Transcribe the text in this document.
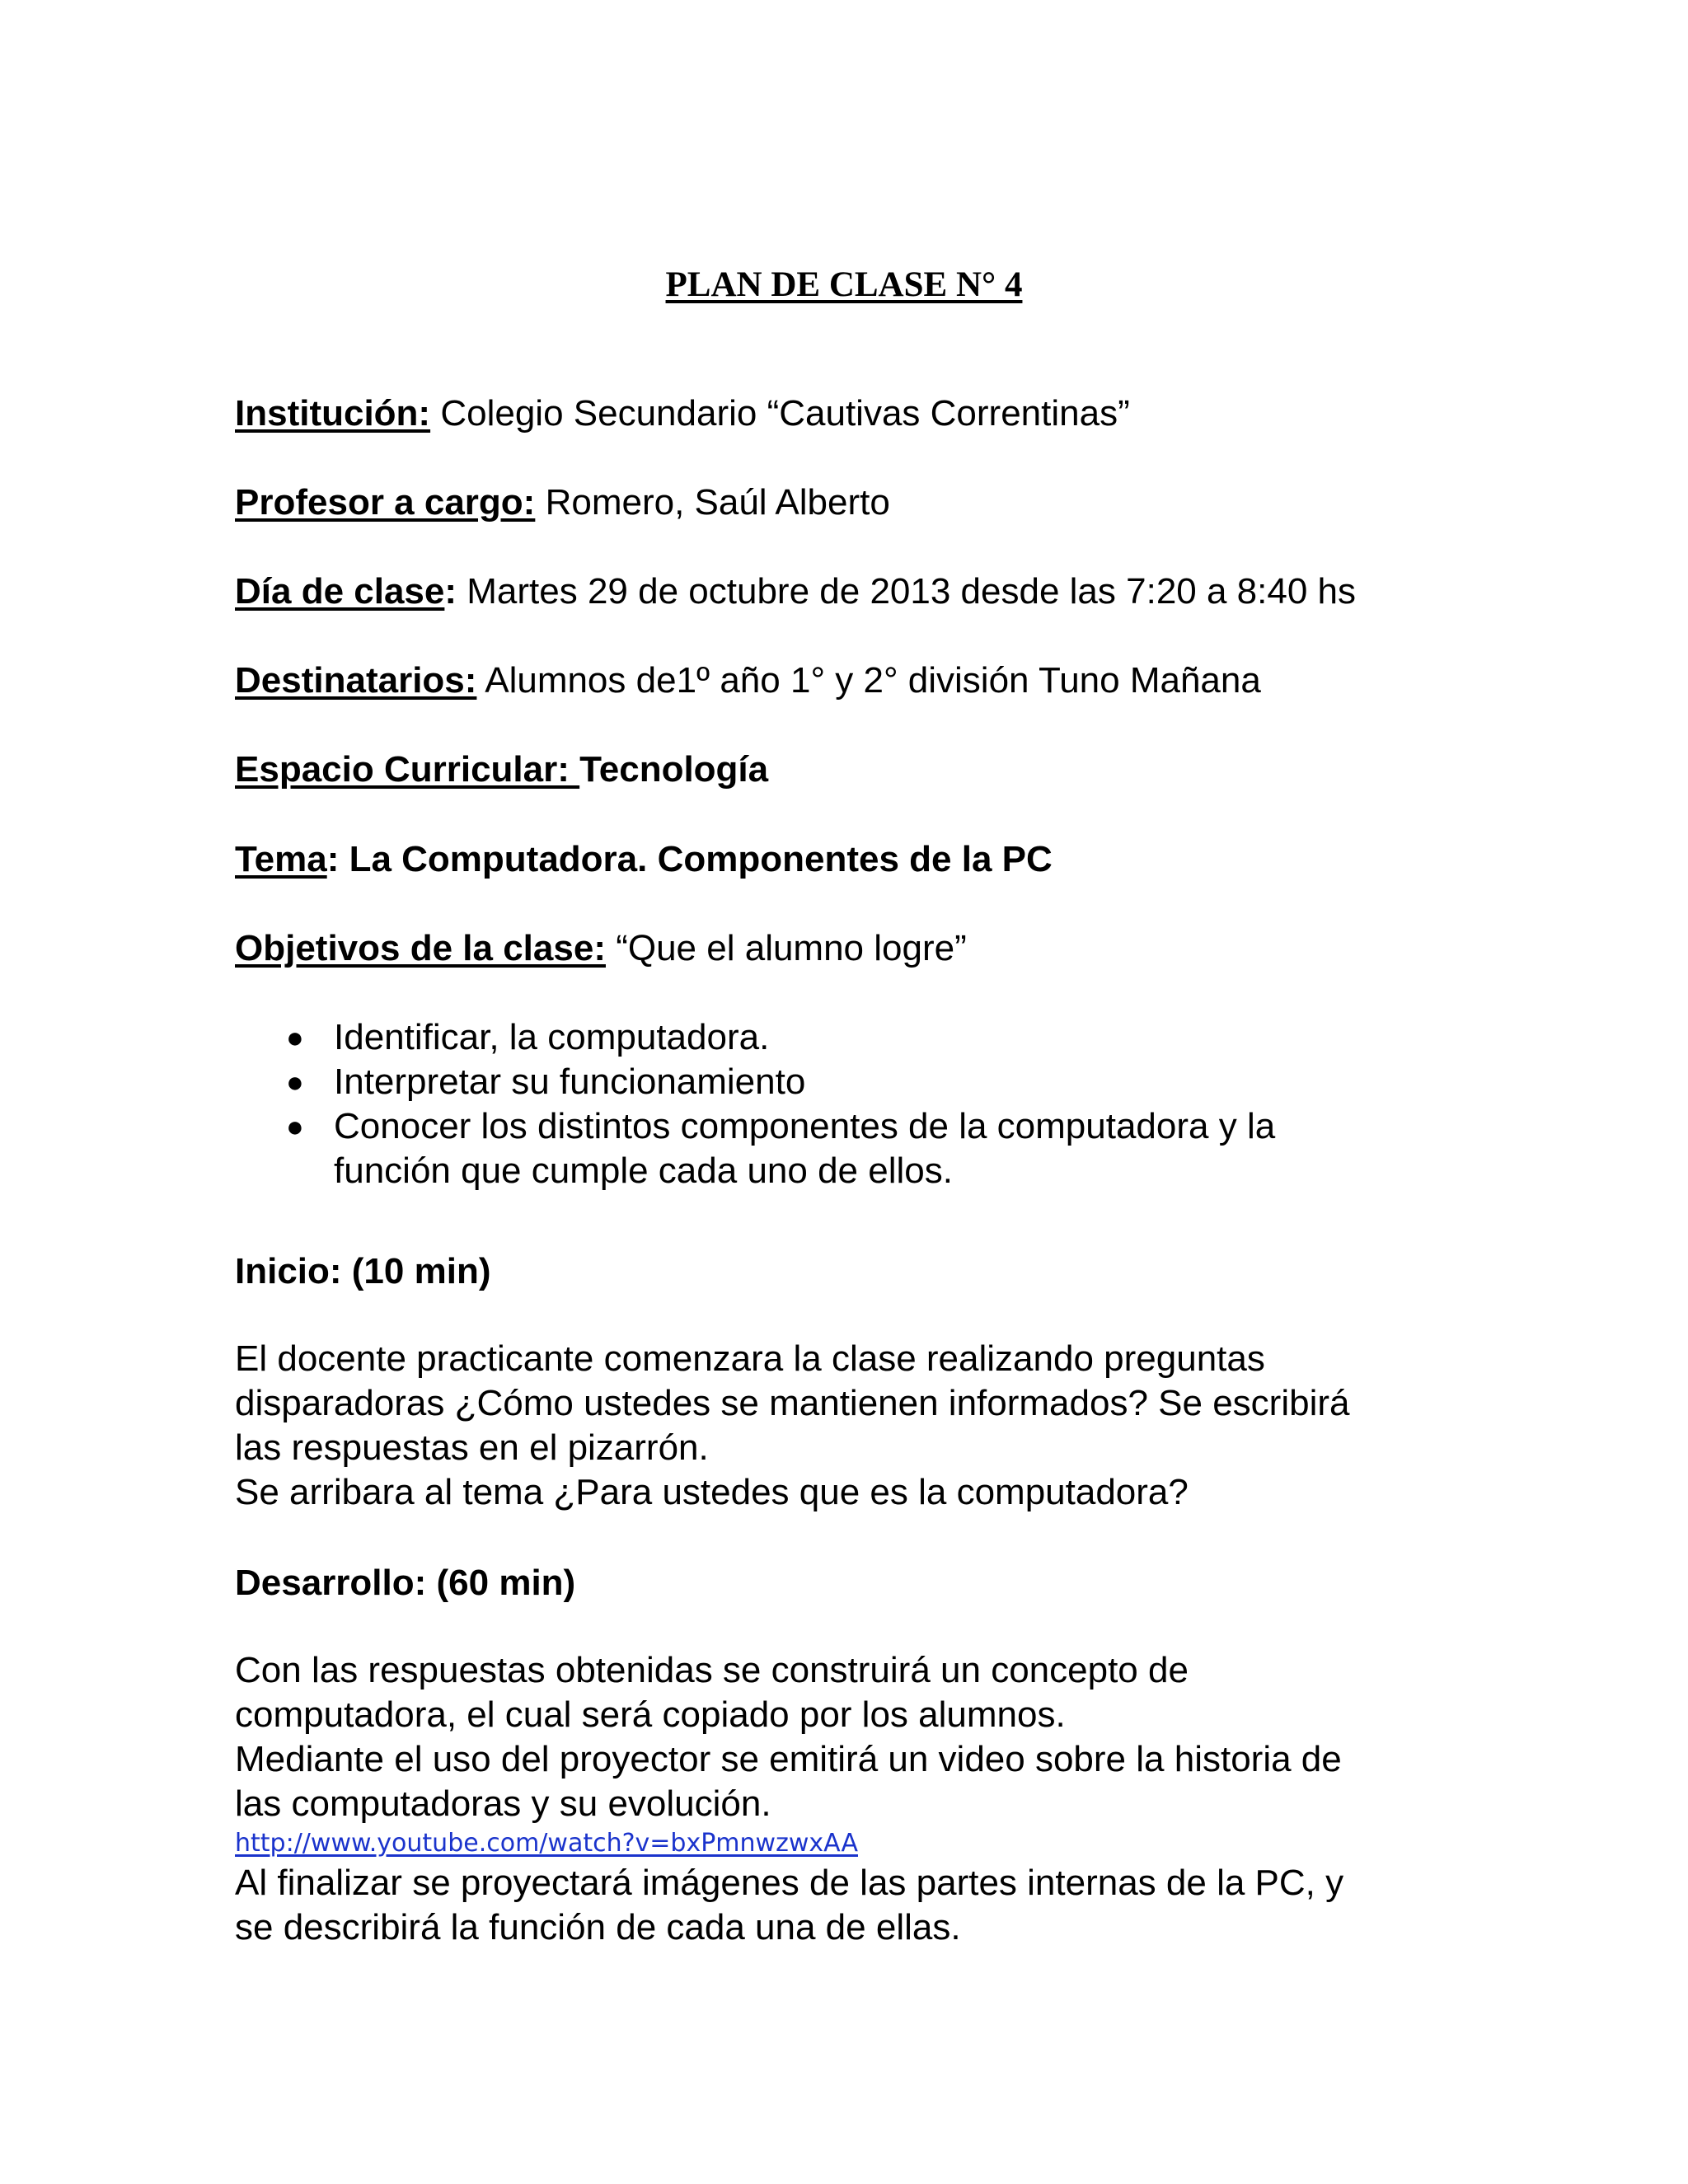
PLAN DE CLASE N° 4
Institución: Colegio Secundario “Cautivas Correntinas”
Profesor a cargo: Romero, Saúl Alberto
Día de clase: Martes 29 de octubre de 2013 desde las 7:20 a 8:40 hs
Destinatarios: Alumnos de1º año 1° y 2° división Tuno Mañana
Espacio Curricular: Tecnología
Tema: La Computadora. Componentes de la PC
Objetivos de la clase: “Que el alumno logre”
● Identificar, la computadora.
● Interpretar su funcionamiento
● Conocer los distintos componentes de la computadora y la
función que cumple cada uno de ellos.
Inicio: (10 min)

El docente practicante comenzara la clase realizando preguntas

disparadoras ¿Cómo ustedes se mantienen informados? Se escribirá

las respuestas en el pizarrón.

Se arribara al tema ¿Para ustedes que es la computadora?

Desarrollo: (60 min)

Con las respuestas obtenidas se construirá un concepto de

computadora, el cual será copiado por los alumnos.

Mediante el uso del proyector se emitirá un video sobre la historia de

las computadoras y su evolución.

http://www.youtube.com/watch?v=bxPmnwzwxAA

Al finalizar se proyectará imágenes de las partes internas de la PC, y

se describirá la función de cada una de ellas.
